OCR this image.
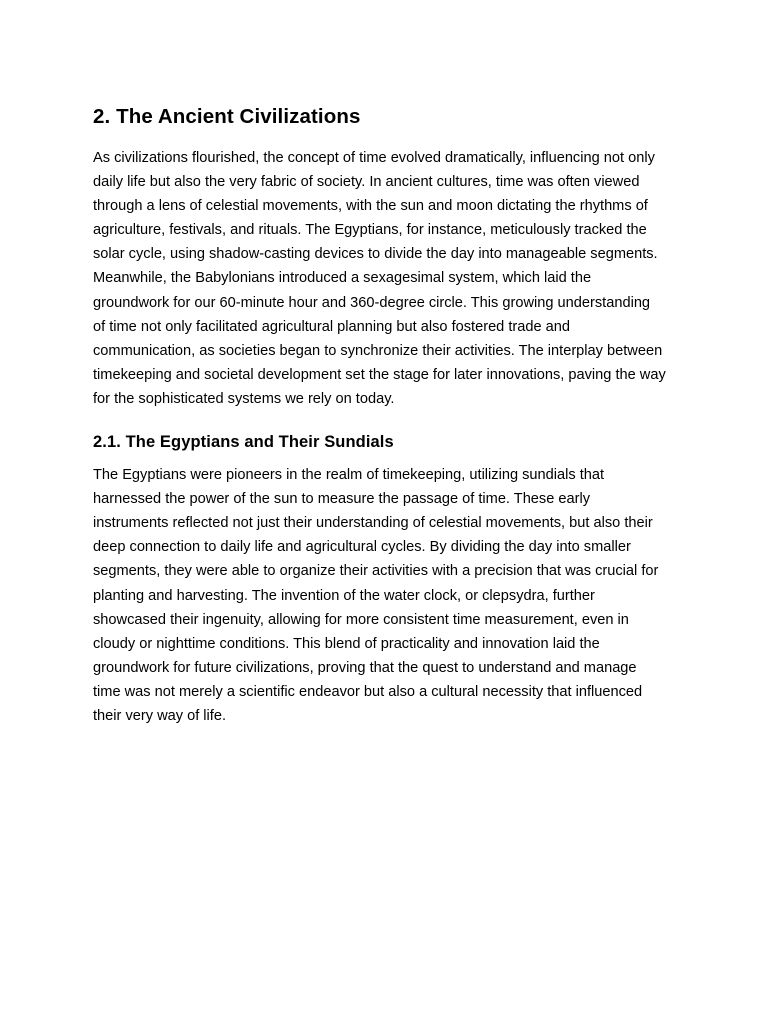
2. The Ancient Civilizations

As civilizations flourished, the concept of time evolved dramatically, influencing not only
daily life but also the very fabric of society. In ancient cultures, time was often viewed
through a lens of celestial movements, with the sun and moon dictating the rhythms of
agriculture, festivals, and rituals. The Egyptians, for instance, meticulously tracked the
solar cycle, using shadow-casting devices to divide the day into manageable segments.
Meanwhile, the Babylonians introduced a sexagesimal system, which laid the
groundwork for our 60-minute hour and 360-degree circle. This growing understanding
of time not only facilitated agricultural planning but also fostered trade and
communication, as societies began to synchronize their activities. The interplay between
timekeeping and societal development set the stage for later innovations, paving the way
for the sophisticated systems we rely on today.

2.1. The Egyptians and Their Sundials

The Egyptians were pioneers in the realm of timekeeping, utilizing sundials that
harnessed the power of the sun to measure the passage of time. These early
instruments reflected not just their understanding of celestial movements, but also their
deep connection to daily life and agricultural cycles. By dividing the day into smaller
segments, they were able to organize their activities with a precision that was crucial for
planting and harvesting. The invention of the water clock, or clepsydra, further
showcased their ingenuity, allowing for more consistent time measurement, even in
cloudy or nighttime conditions. This blend of practicality and innovation laid the
groundwork for future civilizations, proving that the quest to understand and manage
time was not merely a scientific endeavor but also a cultural necessity that influenced
their very way of life.
